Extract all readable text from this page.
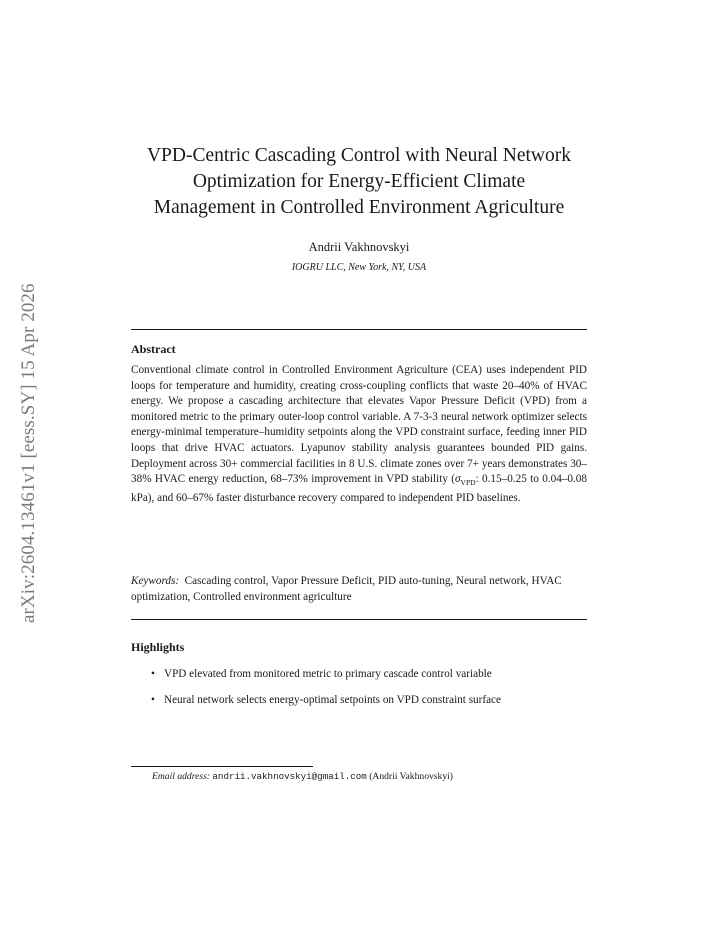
arXiv:2604.13461v1 [eess.SY] 15 Apr 2026
VPD-Centric Cascading Control with Neural Network
Optimization for Energy-Efficient Climate
Management in Controlled Environment Agriculture
Andrii Vakhnovskyi
IOGRU LLC, New York, NY, USA
Abstract
Conventional climate control in Controlled Environment Agriculture (CEA) uses independent PID loops for temperature and humidity, creating cross-coupling conflicts that waste 20–40% of HVAC energy. We propose a cascading architecture that elevates Vapor Pressure Deficit (VPD) from a monitored metric to the primary outer-loop control variable. A 7-3-3 neural network optimizer selects energy-minimal temperature–humidity setpoints along the VPD constraint surface, feeding inner PID loops that drive HVAC actuators. Lyapunov stability analysis guarantees bounded PID gains. Deployment across 30+ commercial facilities in 8 U.S. climate zones over 7+ years demonstrates 30–38% HVAC energy reduction, 68–73% improvement in VPD stability ($\sigma_{VPD}$: 0.15–0.25 to 0.04–0.08 kPa), and 60–67% faster disturbance recovery compared to independent PID baselines.
Keywords: Cascading control, Vapor Pressure Deficit, PID auto-tuning, Neural network, HVAC optimization, Controlled environment agriculture
Highlights
• VPD elevated from monitored metric to primary cascade control variable
• Neural network selects energy-optimal setpoints on VPD constraint surface
Email address: andrii.vakhnovskyi@gmail.com (Andrii Vakhnovskyi)
